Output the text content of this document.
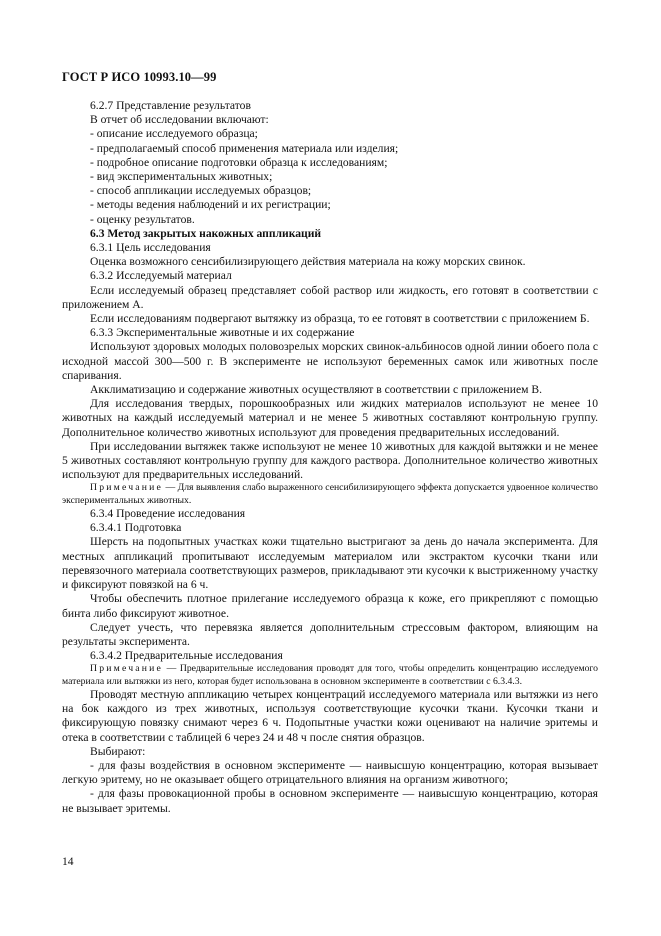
ГОСТ Р ИСО 10993.10—99

6.2.7 Представление результатов

В отчет об исследовании включают:

- описание исследуемого образца;

- предполагаемый способ применения материала или изделия;

- подробное описание подготовки образца к исследованиям;

- вид экспериментальных животных;

- способ аппликации исследуемых образцов;

- методы ведения наблюдений и их регистрации;

- оценку результатов.

6.3 Метод закрытых накожных аппликаций

6.3.1 Цель исследования

Оценка возможного сенсибилизирующего действия материала на кожу морских свинок.

6.3.2 Исследуемый материал

Если исследуемый образец представляет собой раствор или жидкость, его готовят в соответствии с приложением А.

Если исследованиям подвергают вытяжку из образца, то ее готовят в соответствии с приложением Б.

6.3.3 Экспериментальные животные и их содержание

Используют здоровых молодых половозрелых морских свинок-альбиносов одной линии обоего пола с исходной массой 300—500 г. В эксперименте не используют беременных самок или животных после спаривания.

Акклиматизацию и содержание животных осуществляют в соответствии с приложением В.

Для исследования твердых, порошкообразных или жидких материалов используют не менее 10 животных на каждый исследуемый материал и не менее 5 животных составляют контрольную группу. Дополнительное количество животных используют для проведения предварительных исследований.

При исследовании вытяжек также используют не менее 10 животных для каждой вытяжки и не менее 5 животных составляют контрольную группу для каждого раствора. Дополнительное количество животных используют для предварительных исследований.

Примечание — Для выявления слабо выраженного сенсибилизирующего эффекта допускается удвоенное количество экспериментальных животных.

6.3.4 Проведение исследования

6.3.4.1 Подготовка

Шерсть на подопытных участках кожи тщательно выстригают за день до начала эксперимента. Для местных аппликаций пропитывают исследуемым материалом или экстрактом кусочки ткани или перевязочного материала соответствующих размеров, прикладывают эти кусочки к выстриженному участку и фиксируют повязкой на 6 ч.

Чтобы обеспечить плотное прилегание исследуемого образца к коже, его прикрепляют с помощью бинта либо фиксируют животное.

Следует учесть, что перевязка является дополнительным стрессовым фактором, влияющим на результаты эксперимента.

6.3.4.2 Предварительные исследования

Примечание — Предварительные исследования проводят для того, чтобы определить концентрацию исследуемого материала или вытяжки из него, которая будет использована в основном эксперименте в соответствии с 6.3.4.3.

Проводят местную аппликацию четырех концентраций исследуемого материала или вытяжки из него на бок каждого из трех животных, используя соответствующие кусочки ткани. Кусочки ткани и фиксирующую повязку снимают через 6 ч. Подопытные участки кожи оценивают на наличие эритемы и отека в соответствии с таблицей 6 через 24 и 48 ч после снятия образцов.

Выбирают:

- для фазы воздействия в основном эксперименте — наивысшую концентрацию, которая вызывает легкую эритему, но не оказывает общего отрицательного влияния на организм животного;

- для фазы провокационной пробы в основном эксперименте — наивысшую концентрацию, которая не вызывает эритемы.

14
